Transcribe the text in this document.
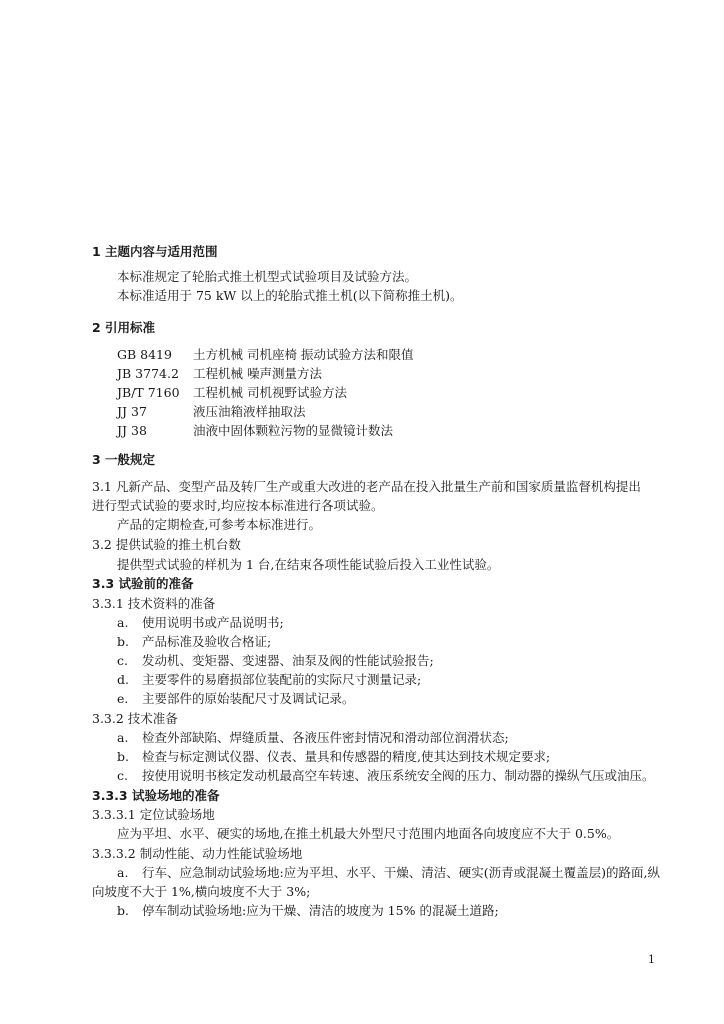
1 主题内容与适用范围
本标准规定了轮胎式推土机型式试验项目及试验方法。
本标准适用于 75 kW 以上的轮胎式推土机(以下简称推土机)。
2 引用标准
GB 8419 土方机械 司机座椅 振动试验方法和限值
JB 3774.2 工程机械 噪声测量方法
JB/T 7160 工程机械 司机视野试验方法
JJ 37	液压油箱液样抽取法
JJ 38	油液中固体颗粒污物的显微镜计数法
3 一般规定
3.1 凡新产品、变型产品及转厂生产或重大改进的老产品在投入批量生产前和国家质量监督机构提出
进行型式试验的要求时,均应按本标准进行各项试验。
产品的定期检查,可参考本标准进行。
3.2 提供试验的推土机台数
提供型式试验的样机为 1 台,在结束各项性能试验后投入工业性试验。
3.3 试验前的准备
3.3.1 技术资料的准备
a. 使用说明书或产品说明书;
b. 产品标准及验收合格证;
c. 发动机、变矩器、变速器、油泵及阀的性能试验报告;
d. 主要零件的易磨损部位装配前的实际尺寸测量记录;
e. 主要部件的原始装配尺寸及调试记录。
3.3.2 技术准备
a. 检查外部缺陷、焊缝质量、各液压件密封情况和滑动部位润滑状态;
b. 检查与标定测试仪器、仪表、量具和传感器的精度,使其达到技术规定要求;
c. 按使用说明书核定发动机最高空车转速、液压系统安全阀的压力、制动器的操纵气压或油压。
3.3.3 试验场地的准备
3.3.3.1 定位试验场地
应为平坦、水平、硬实的场地,在推土机最大外型尺寸范围内地面各向坡度应不大于 0.5%。
3.3.3.2 制动性能、动力性能试验场地
a. 行车、应急制动试验场地:应为平坦、水平、干燥、清洁、硬实(沥青或混凝土覆盖层)的路面,纵
向坡度不大于 1%,横向坡度不大于 3%;
b. 停车制动试验场地:应为干燥、清洁的坡度为 15% 的混凝土道路;
1
